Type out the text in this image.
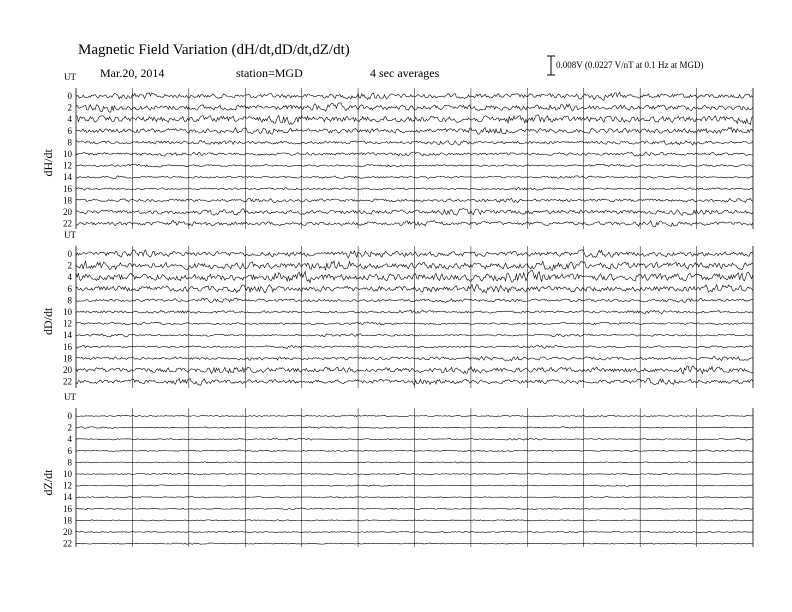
Magnetic Field Variation (dH/dt,dD/dt,dZ/dt)
Mar.20, 2014	station=MGD	4 sec averages
0.008V (0.0227 V/nT at 0.1 Hz at MGD)
UT
dH/dt
0
2
4
6
8
10
12
14
16
18
20
22
UT
dD/dt
0
2
4
6
8
10
12
14
16
18
20
22
UT
dZ/dt
0
2
4
6
8
10
12
14
16
18
20
22
